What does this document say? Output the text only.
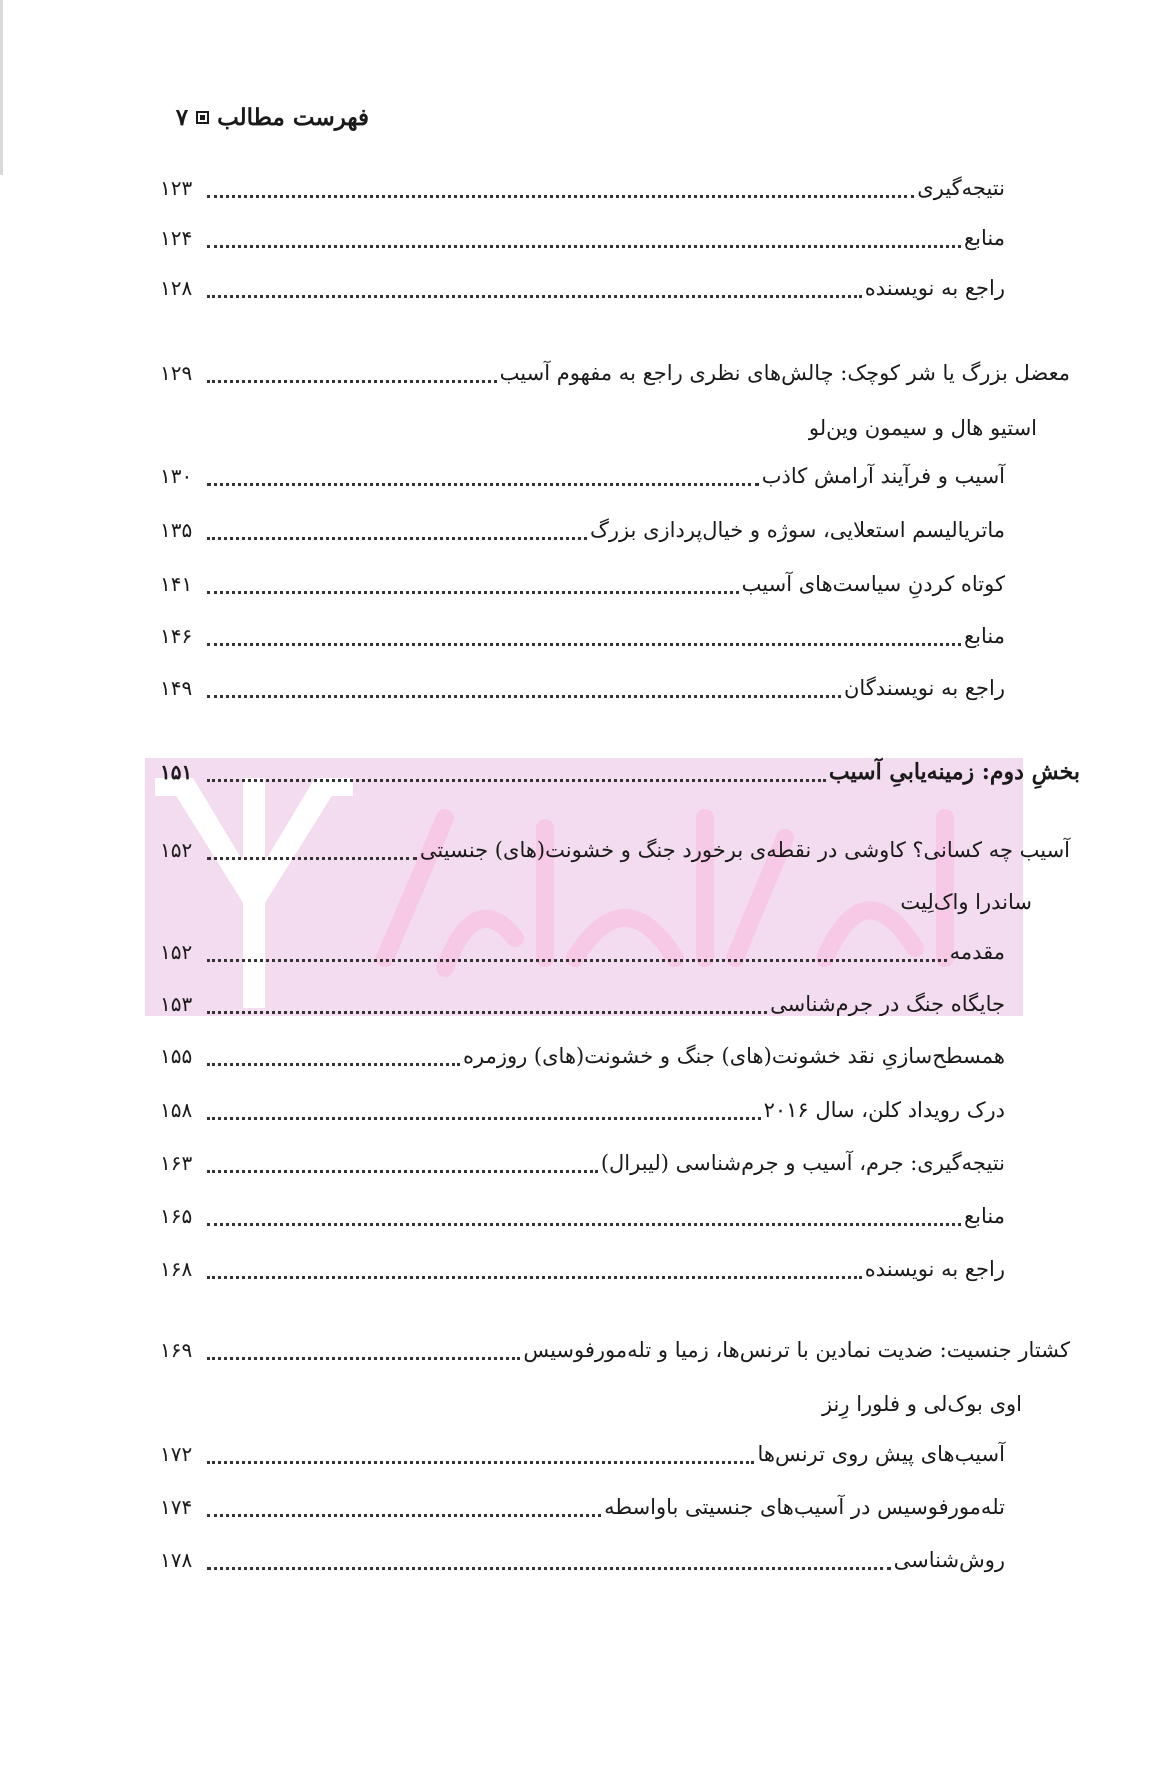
فهرست مطالب
۷
نتیجه‌گیری
۱۲۳
منابع
۱۲۴
راجع به نویسنده
۱۲۸
معضل بزرگ یا شر کوچک: چالش‌های نظری راجع به مفهوم آسیب
۱۲۹
استیو هال و سیمون وین‌لو
آسیب و فرآیند آرامش کاذب
۱۳۰
ماتریالیسم استعلایی، سوژه و خیال‌پردازی بزرگ
۱۳۵
کوتاه کردنِ سیاست‌های آسیب
۱۴۱
منابع
۱۴۶
راجع به نویسندگان
۱۴۹
بخشِ دوم: زمینه‌یابیِ آسیب
۱۵۱
آسیب چه کسانی؟ کاوشی در نقطه‌ی برخورد جنگ و خشونت(های) جنسیتی
۱۵۲
ساندرا واک‌لِیت
مقدمه
۱۵۲
جایگاه جنگ در جرم‌شناسی
۱۵۳
همسطح‌سازیِ نقد خشونت(های) جنگ و خشونت(های) روزمره
۱۵۵
درک رویداد کلن، سال ۲۰۱۶
۱۵۸
نتیجه‌گیری: جرم، آسیب و جرم‌شناسی (لیبرال)
۱۶۳
منابع
۱۶۵
راجع به نویسنده
۱۶۸
کشتار جنسیت: ضدیت نمادین با ترنس‌ها، زمیا و تله‌مورفوسیس
۱۶۹
اوی بوک‌لی و فلورا رِنز
آسیب‌های پیش روی ترنس‌ها
۱۷۲
تله‌مورفوسیس در آسیب‌های جنسیتی باواسطه
۱۷۴
روش‌شناسی
۱۷۸
